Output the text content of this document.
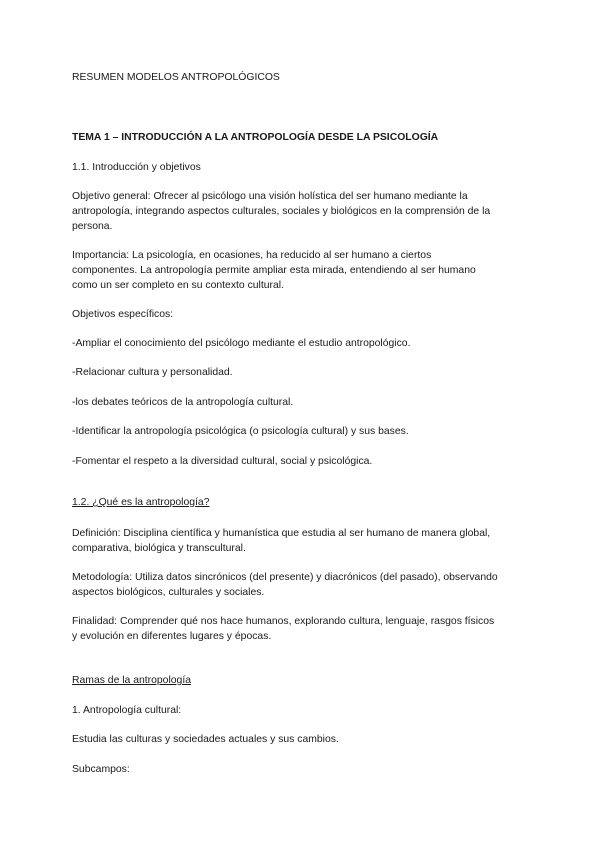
RESUMEN MODELOS ANTROPOLÓGICOS
TEMA 1 – INTRODUCCIÓN A LA ANTROPOLOGÍA DESDE LA PSICOLOGÍA
1.1. Introducción y objetivos
Objetivo general: Ofrecer al psicólogo una visión holística del ser humano mediante la
antropología, integrando aspectos culturales, sociales y biológicos en la comprensión de la
persona.
Importancia: La psicología, en ocasiones, ha reducido al ser humano a ciertos
componentes. La antropología permite ampliar esta mirada, entendiendo al ser humano
como un ser completo en su contexto cultural.
Objetivos específicos:
-Ampliar el conocimiento del psicólogo mediante el estudio antropológico.
-Relacionar cultura y personalidad.
-los debates teóricos de la antropología cultural.
-Identificar la antropología psicológica (o psicología cultural) y sus bases.
-Fomentar el respeto a la diversidad cultural, social y psicológica.
1.2. ¿Qué es la antropología?
Definición: Disciplina científica y humanística que estudia al ser humano de manera global,
comparativa, biológica y transcultural.
Metodología: Utiliza datos sincrónicos (del presente) y diacrónicos (del pasado), observando
aspectos biológicos, culturales y sociales.
Finalidad: Comprender qué nos hace humanos, explorando cultura, lenguaje, rasgos físicos
y evolución en diferentes lugares y épocas.
Ramas de la antropología
1. Antropología cultural:
Estudia las culturas y sociedades actuales y sus cambios.
Subcampos:
